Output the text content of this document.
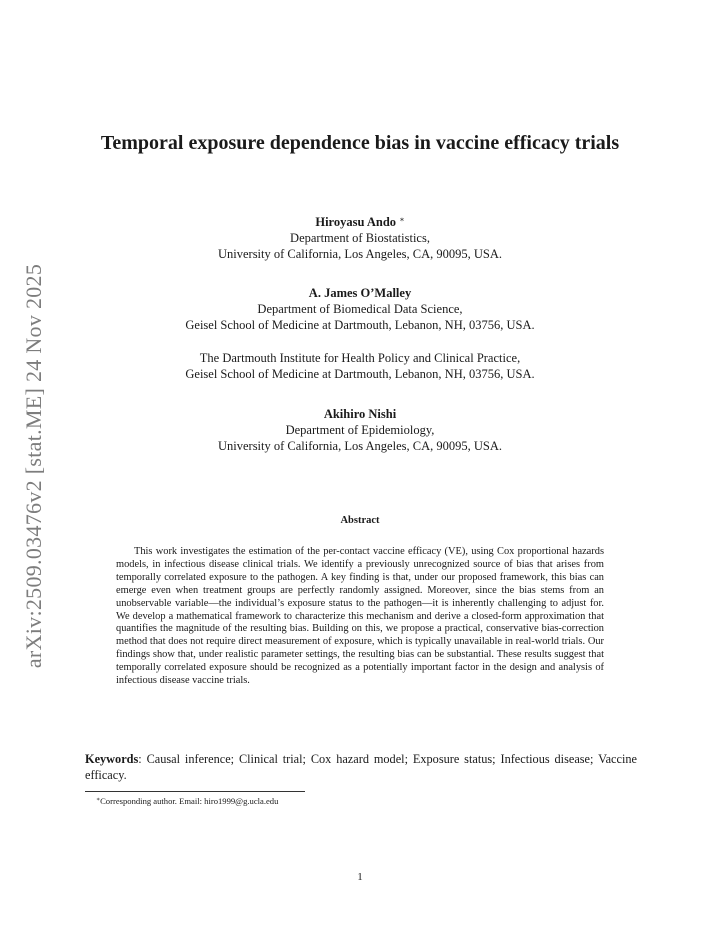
arXiv:2509.03476v2 [stat.ME] 24 Nov 2025
Temporal exposure dependence bias in vaccine efficacy trials
Hiroyasu Ando ∗
Department of Biostatistics,
University of California, Los Angeles, CA, 90095, USA.
A. James O’Malley
Department of Biomedical Data Science,
Geisel School of Medicine at Dartmouth, Lebanon, NH, 03756, USA.
The Dartmouth Institute for Health Policy and Clinical Practice,
Geisel School of Medicine at Dartmouth, Lebanon, NH, 03756, USA.
Akihiro Nishi
Department of Epidemiology,
University of California, Los Angeles, CA, 90095, USA.
Abstract

This work investigates the estimation of the per-contact vaccine efficacy (VE), using Cox proportional hazards models, in infectious disease clinical trials. We identify a previously unrecognized source of bias that arises from temporally correlated exposure to the pathogen. A key finding is that, under our proposed framework, this bias can emerge even when treatment groups are perfectly randomly assigned. Moreover, since the bias stems from an unobservable variable—the individual’s exposure status to the pathogen—it is inherently challenging to adjust for. We develop a mathematical framework to characterize this mechanism and derive a closed-form approximation that quantifies the magnitude of the resulting bias. Building on this, we propose a practical, conservative bias-correction method that does not require direct measurement of exposure, which is typically unavailable in real-world trials. Our findings show that, under realistic parameter settings, the resulting bias can be substantial. These results suggest that temporally correlated exposure should be recognized as a potentially important factor in the design and analysis of infectious disease vaccine trials.

Keywords: Causal inference; Clinical trial; Cox hazard model; Exposure status; Infectious disease; Vaccine efficacy.

∗Corresponding author. Email: hiro1999@g.ucla.edu
1
